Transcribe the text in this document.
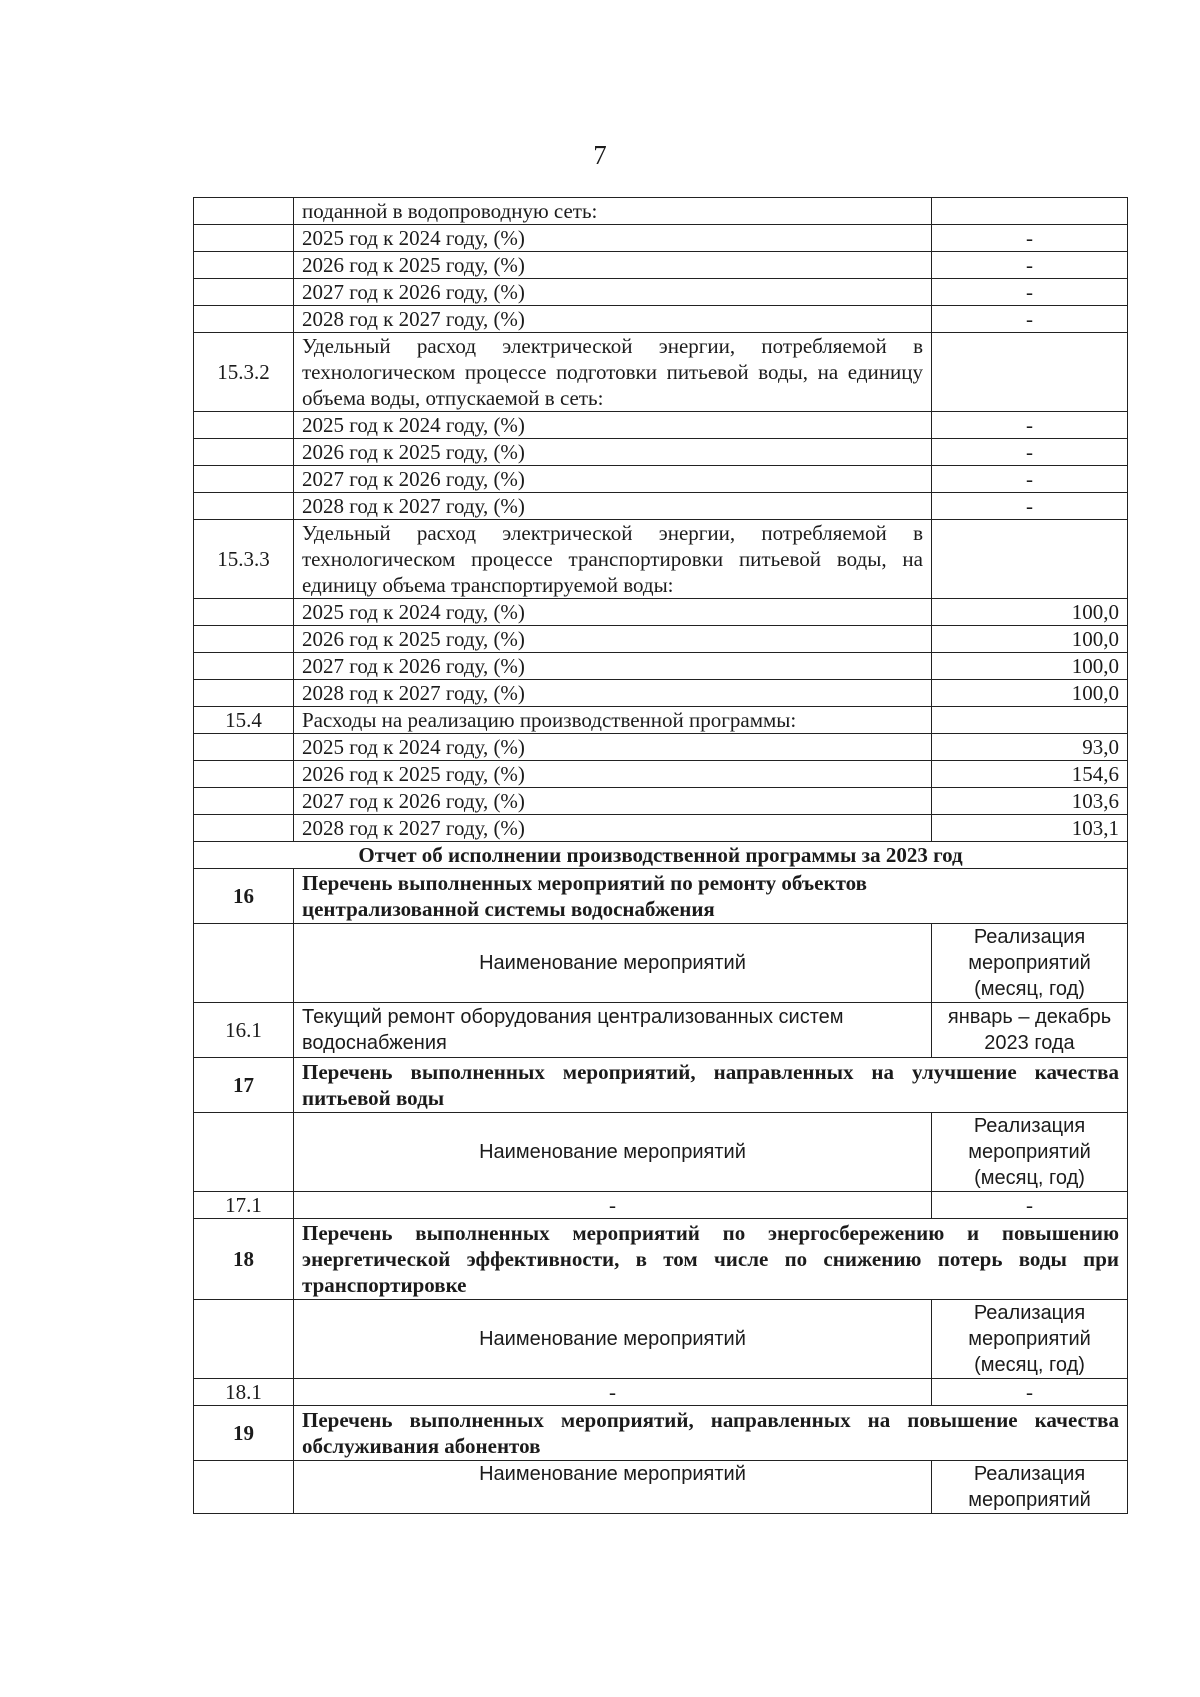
7
	поданной в водопроводную сеть:	
	2025 год к 2024 году, (%)	-
	2026 год к 2025 году, (%)	-
	2027 год к 2026 году, (%)	-
	2028 год к 2027 году, (%)	-
15.3.2	Удельный расход электрической энергии, потребляемой в технологическом процессе подготовки питьевой воды, на единицу объема воды, отпускаемой в сеть:	
	2025 год к 2024 году, (%)	-
	2026 год к 2025 году, (%)	-
	2027 год к 2026 году, (%)	-
	2028 год к 2027 году, (%)	-
15.3.3	Удельный расход электрической энергии, потребляемой в технологическом процессе транспортировки питьевой воды, на единицу объема транспортируемой воды:	
	2025 год к 2024 году, (%)	100,0
	2026 год к 2025 году, (%)	100,0
	2027 год к 2026 году, (%)	100,0
	2028 год к 2027 году, (%)	100,0
15.4	Расходы на реализацию производственной программы:	
	2025 год к 2024 году, (%)	93,0
	2026 год к 2025 году, (%)	154,6
	2027 год к 2026 году, (%)	103,6
	2028 год к 2027 году, (%)	103,1
Отчет об исполнении производственной программы за 2023 год		
16	Перечень выполненных мероприятий по ремонту объектов централизованной системы водоснабжения	
	Наименование мероприятий	Реализация
мероприятий
(месяц, год)

16.1	Текущий ремонт оборудования централизованных систем водоснабжения	январь – декабрь
2023 года

17	Перечень выполненных мероприятий, направленных на улучшение качества питьевой воды	
	Наименование мероприятий	Реализация
мероприятий
(месяц, год)

17.1	-	-
18	Перечень выполненных мероприятий по энергосбережению и повышению энергетической эффективности, в том числе по снижению потерь воды при транспортировке	
	Наименование мероприятий	Реализация
мероприятий
(месяц, год)

18.1	-	-
19	Перечень выполненных мероприятий, направленных на повышение качества обслуживания абонентов	
	Наименование мероприятий	Реализация
мероприятий
